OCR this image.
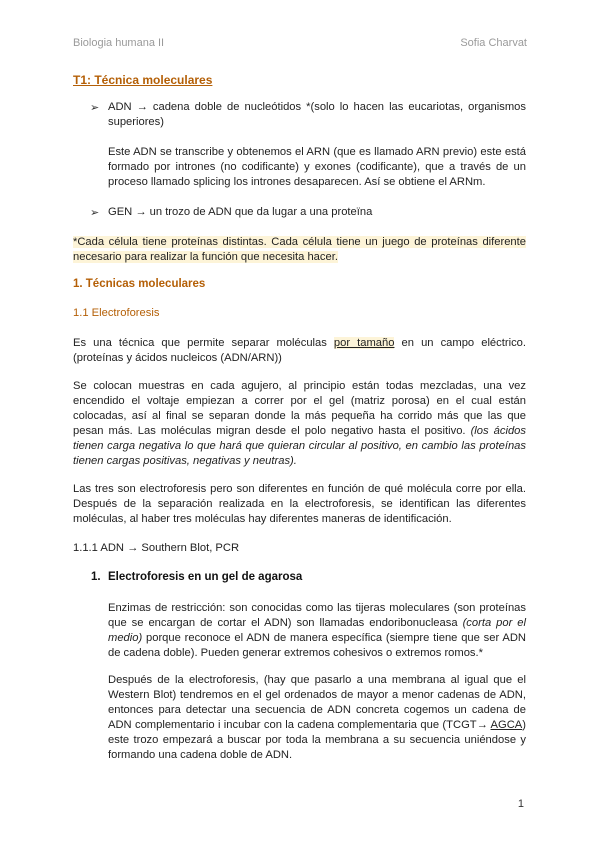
Biologia humana II	Sofia Charvat
T1: Técnica moleculares
➢ ADN → cadena doble de nucleótidos *(solo lo hacen las eucariotas, organismos superiores)
Este ADN se transcribe y obtenemos el ARN (que es llamado ARN previo) este está formado por intrones (no codificante) y exones (codificante), que a través de un proceso llamado splicing los intrones desaparecen. Así se obtiene el ARNm.
➢ GEN → un trozo de ADN que da lugar a una proteïna
*Cada célula tiene proteínas distintas. Cada célula tiene un juego de proteínas diferente necesario para realizar la función que necesita hacer.
1. Técnicas moleculares
1.1 Electroforesis
Es una técnica que permite separar moléculas por tamaño en un campo eléctrico. (proteínas y ácidos nucleicos (ADN/ARN))
Se colocan muestras en cada agujero, al principio están todas mezcladas, una vez encendido el voltaje empiezan a correr por el gel (matriz porosa) en el cual están colocadas, así al final se separan donde la más pequeña ha corrido más que las que pesan más. Las moléculas migran desde el polo negativo hasta el positivo. (los ácidos tienen carga negativa lo que hará que quieran circular al positivo, en cambio las proteínas tienen cargas positivas, negativas y neutras).
Las tres son electroforesis pero son diferentes en función de qué molécula corre por ella. Después de la separación realizada en la electroforesis, se identifican las diferentes moléculas, al haber tres moléculas hay diferentes maneras de identificación.
1.1.1 ADN → Southern Blot, PCR
1. Electroforesis en un gel de agarosa
Enzimas de restricción: son conocidas como las tijeras moleculares (son proteínas que se encargan de cortar el ADN) son llamadas endoribonucleasa (corta por el medio) porque reconoce el ADN de manera específica (siempre tiene que ser ADN de cadena doble). Pueden generar extremos cohesivos o extremos romos.*
Después de la electroforesis, (hay que pasarlo a una membrana al igual que el Western Blot) tendremos en el gel ordenados de mayor a menor cadenas de ADN, entonces para detectar una secuencia de ADN concreta cogemos un cadena de ADN complementario i incubar con la cadena complementaria que (TCGT→ AGCA) este trozo empezará a buscar por toda la membrana a su secuencia uniéndose y formando una cadena doble de ADN.
1
